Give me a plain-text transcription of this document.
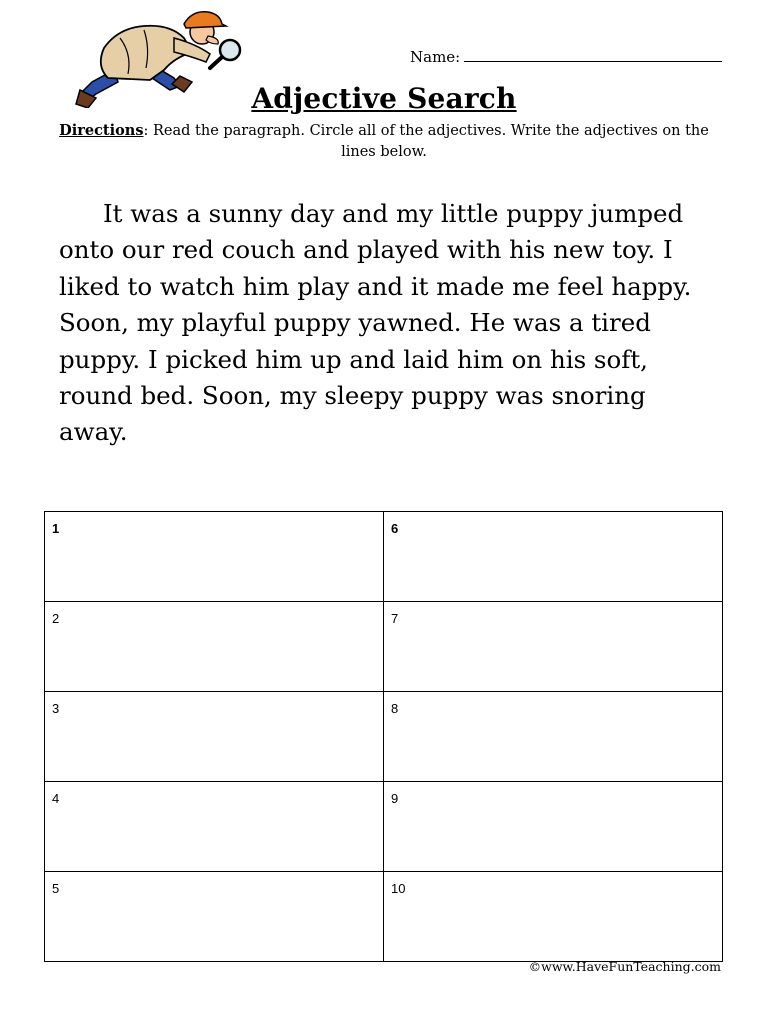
Name:
Adjective Search
Directions: Read the paragraph. Circle all of the adjectives. Write the adjectives on the lines below.

It was a sunny day and my little puppy jumped onto our red couch and played with his new toy. I liked to watch him play and it made me feel happy. Soon, my playful puppy yawned. He was a tired puppy. I picked him up and laid him on his soft, round bed. Soon, my sleepy puppy was snoring away.

1	6
2	7
3	8
4	9
5	10
©www.HaveFunTeaching.com
